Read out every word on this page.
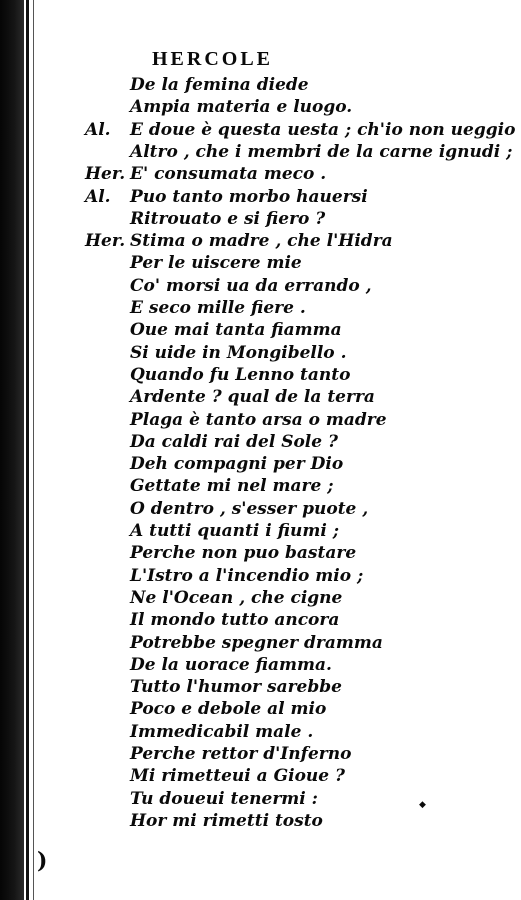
HERCOLE
De la femina diede
Ampia materia e luogo.
Al. E doue è questa uesta ; ch'io non ueggio
Altro , che i membri de la carne ignudi ;
Her. E' consumata meco .
Al. Puo tanto morbo hauersi
Ritrouato e si fiero ?
Her. Stima o madre , che l'Hidra
Per le uiscere mie
Co' morsi ua da errando ,
E seco mille fiere .
Oue mai tanta fiamma
Si uide in Mongibello .
Quando fu Lenno tanto
Ardente ? qual de la terra
Plaga è tanto arsa o madre
Da caldi rai del Sole ?
Deh compagni per Dio
Gettate mi nel mare ;
O dentro , s'esser puote ,
A tutti quanti i fiumi ;
Perche non puo bastare
L'Istro a l'incendio mio ;
Ne l'Ocean , che cigne
Il mondo tutto ancora
Potrebbe spegner dramma
De la uorace fiamma.
Tutto l'humor sarebbe
Poco e debole al mio
Immedicabil male .
Perche rettor d'Inferno
Mi rimetteui a Gioue ?
Tu doueui tenermi :
Hor mi rimetti tosto
◆
)
